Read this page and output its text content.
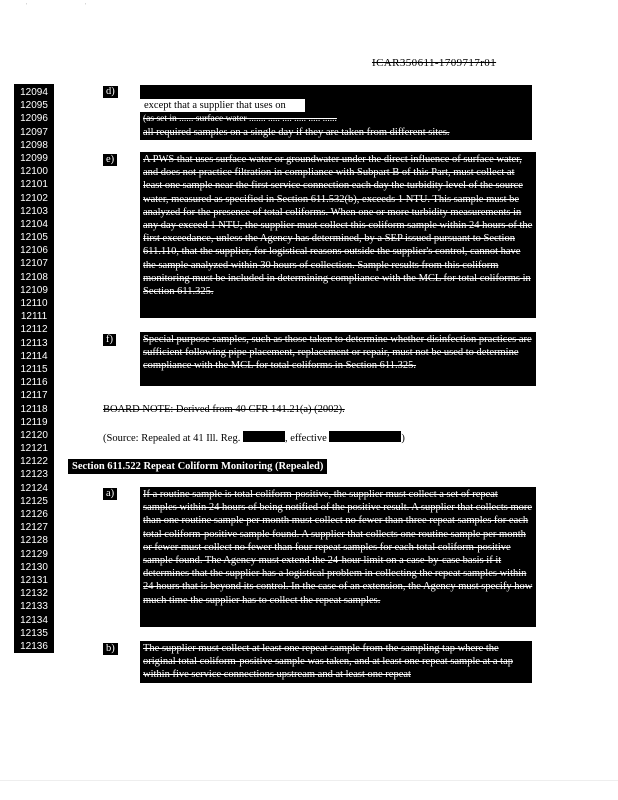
' '
ICAR350611-1709717r01
12094
12095
12096
12097
12098
12099
12100
12101
12102
12103
12104
12105
12106
12107
12108
12109
12110
12111
12112
12113
12114
12115
12116
12117
12118
12119
12120
12121
12122
12123
12124
12125
12126
12127
12128
12129
12130
12131
12132
12133
12134
12135
12136
d)
except that a supplier that uses on
(as set in ...... surface water ....... ..... .... ..... ..... ......
all required samples on a single day if they are taken from different sites.
e)	A PWS that uses surface water or groundwater under the direct influence of surface water, and does not practice filtration in compliance with Subpart B of this Part, must collect at least one sample near the first service connection each day the turbidity level of the source water, measured as specified in Section 611.532(b), exceeds 1 NTU. This sample must be analyzed for the presence of total coliforms. When one or more turbidity measurements in any day exceed 1 NTU, the supplier must collect this coliform sample within 24 hours of the first exceedance, unless the Agency has determined, by a SEP issued pursuant to Section 611.110, that the supplier, for logistical reasons outside the supplier's control, cannot have the sample analyzed within 30 hours of collection. Sample results from this coliform monitoring must be included in determining compliance with the MCL for total coliforms in Section 611.325.
f)	Special purpose samples, such as those taken to determine whether disinfection practices are sufficient following pipe placement, replacement or repair, must not be used to determine compliance with the MCL for total coliforms in Section 611.325.
BOARD NOTE: Derived from 40 CFR 141.21(a) (2002).
(Source: Repealed at 41 Ill. Reg.	, effective	)
Section 611.522 Repeat Coliform Monitoring (Repealed)
a)	If a routine sample is total coliform-positive, the supplier must collect a set of repeat samples within 24 hours of being notified of the positive result. A supplier that collects more than one routine sample per month must collect no fewer than three repeat samples for each total coliform-positive sample found. A supplier that collects one routine sample per month or fewer must collect no fewer than four repeat samples for each total coliform-positive sample found. The Agency must extend the 24-hour limit on a case-by-case basis if it determines that the supplier has a logistical problem in collecting the repeat samples within 24 hours that is beyond its control. In the case of an extension, the Agency must specify how much time the supplier has to collect the repeat samples.
b)	The supplier must collect at least one repeat sample from the sampling tap where the original total coliform-positive sample was taken, and at least one repeat sample at a tap within five service connections upstream and at least one repeat
